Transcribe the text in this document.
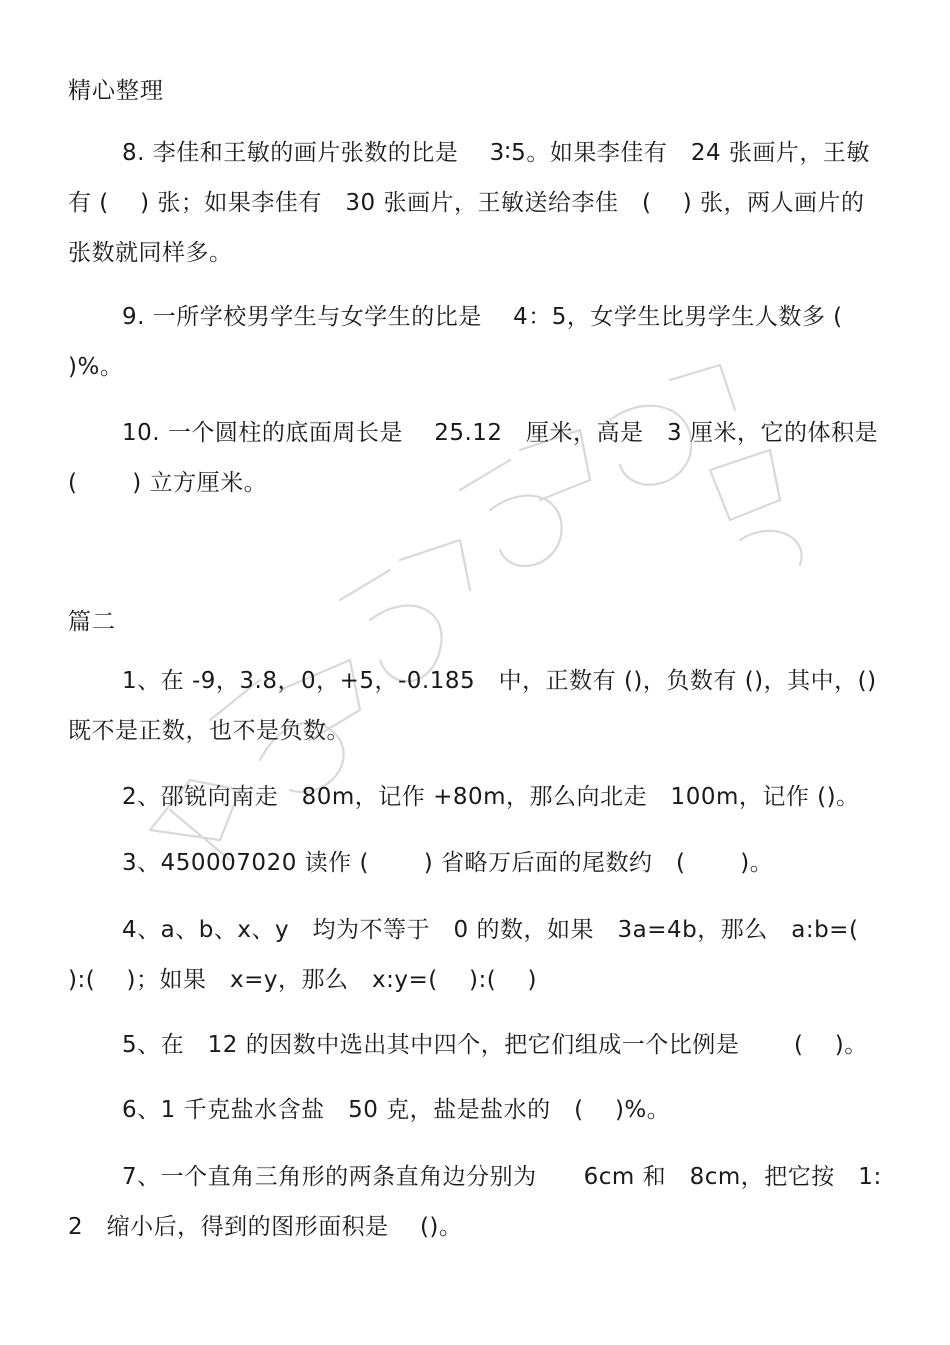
精心整理
8. 李佳和王敏的画片张数的比是　 3∶5。如果李佳有　24 张画片，王敏有 (　 ) 张；如果李佳有　30 张画片，王敏送给李佳　(　 ) 张，两人画片的张数就同样多。
9. 一所学校男学生与女学生的比是　 4：5，女学生比男学生人数多 (　　 )%。
10. 一个圆柱的底面周长是　 25.12　厘米，高是　3 厘米，它的体积是 (　　 ) 立方厘米。
篇二
1、在 -9，3.8，0，+5，-0.185　中，正数有 ()，负数有 ()，其中，() 既不是正数，也不是负数。
2、邵锐向南走　80m，记作 +80m，那么向北走　100m，记作 ()。
3、450007020 读作 (　　 ) 省略万后面的尾数约　(　　 )。
4、a、b、x、y　均为不等于　0 的数，如果　3a=4b，那么　a:b=(　 ):(　 )；如果　x=y，那么　x:y=(　 ):(　 )
5、在　12 的因数中选出其中四个，把它们组成一个比例是　　 (　 )。
6、1 千克盐水含盐　50 克，盐是盐水的　(　 )%。
7、一个直角三角形的两条直角边分别为　　6cm 和　8cm，把它按　1:2　缩小后，得到的图形面积是　 ()。
